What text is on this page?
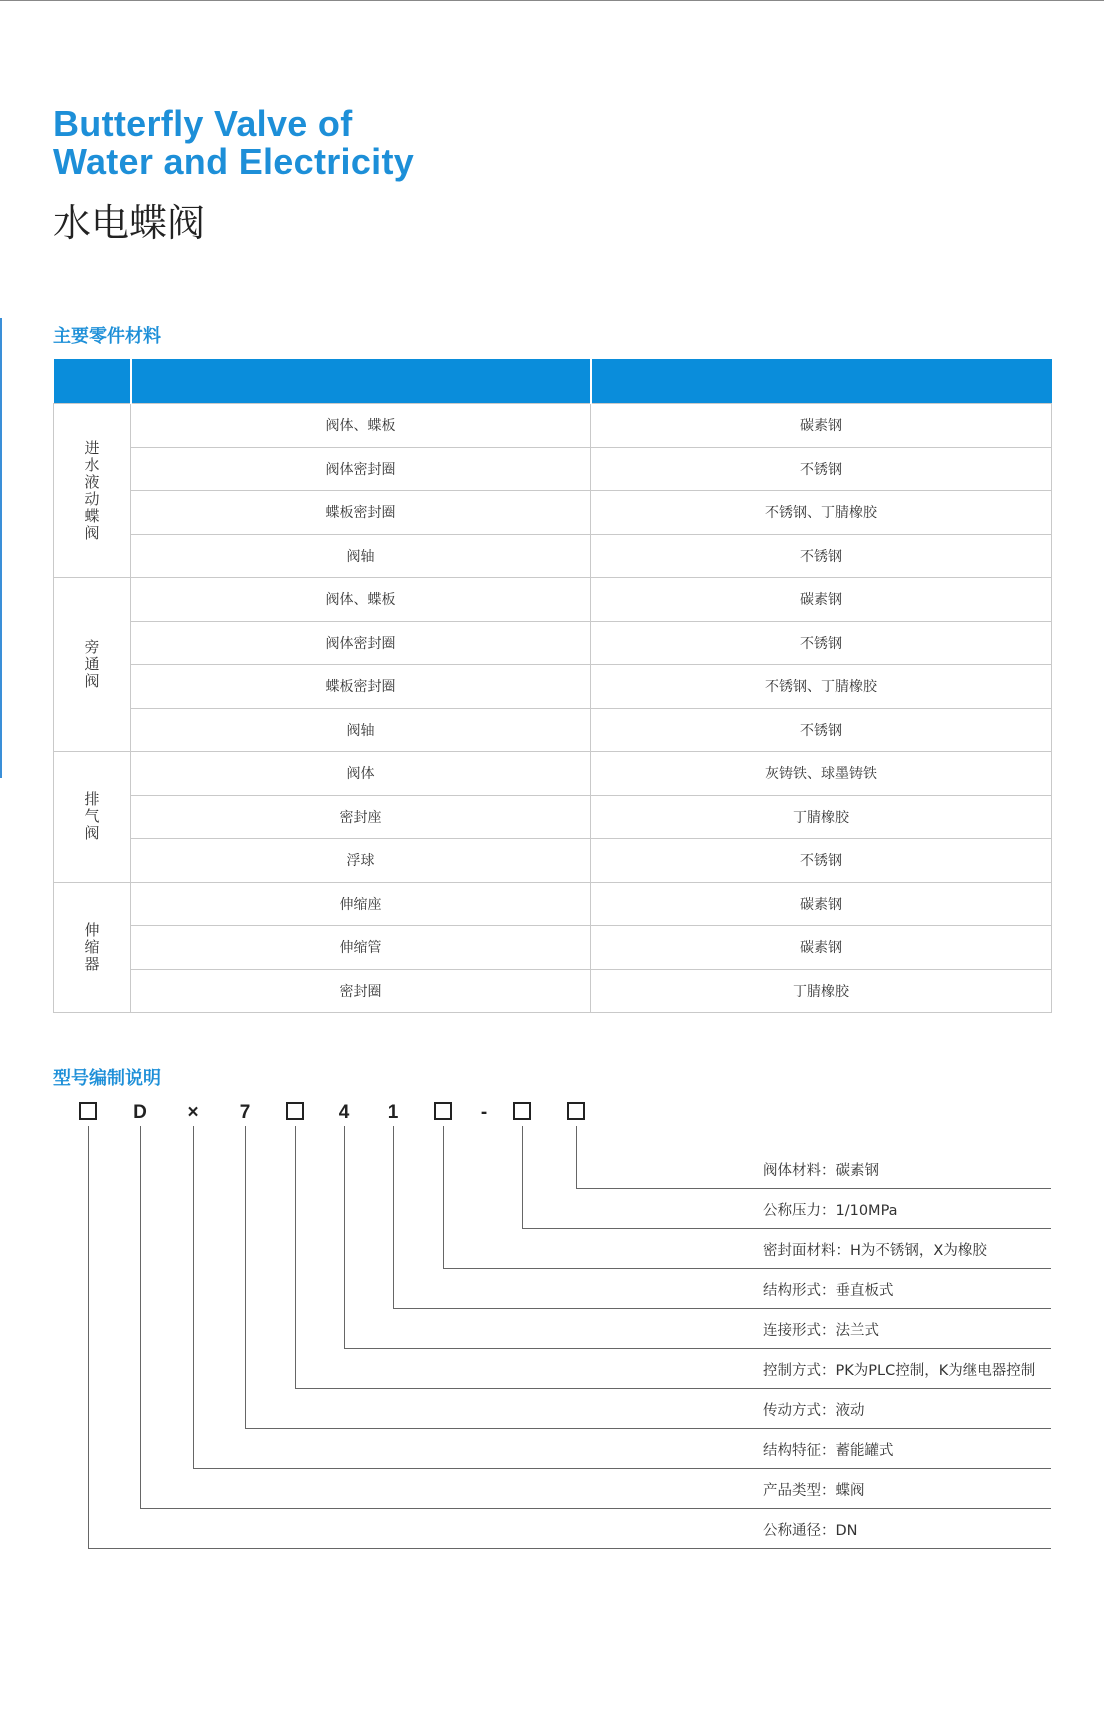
Butterfly Valve of
Water and Electricity
水电蝶阀
主要零件材料

进水液动蝶阀	阀体、蝶板	碳素钢
	阀体密封圈	不锈钢
	蝶板密封圈	不锈钢、丁腈橡胶
	阀轴	不锈钢
旁通阀	阀体、蝶板	碳素钢
	阀体密封圈	不锈钢
	蝶板密封圈	不锈钢、丁腈橡胶
	阀轴	不锈钢
排气阀	阀体	灰铸铁、球墨铸铁
	密封座	丁腈橡胶
	浮球	不锈钢
伸缩器	伸缩座	碳素钢
	伸缩管	碳素钢
	密封圈	丁腈橡胶
型号编制说明
D	×	7	4	1	-
阀体材料：碳素钢
公称压力：1/10MPa
密封面材料：H为不锈钢，X为橡胶
结构形式：垂直板式
连接形式：法兰式
控制方式：PK为PLC控制，K为继电器控制
传动方式：液动
结构特征：蓄能罐式
产品类型：蝶阀
公称通径：DN
